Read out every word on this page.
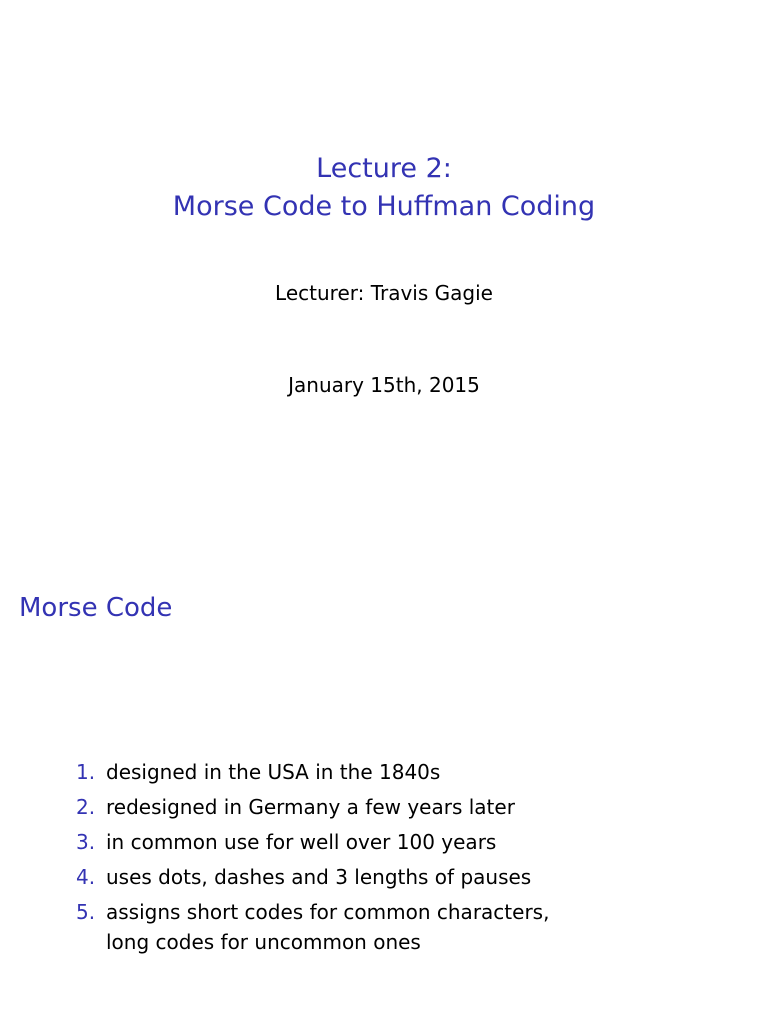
Lecture 2:
Morse Code to Huffman Coding
Lecturer: Travis Gagie
January 15th, 2015
Morse Code
1. designed in the USA in the 1840s
2. redesigned in Germany a few years later
3. in common use for well over 100 years
4. uses dots, dashes and 3 lengths of pauses
5. assigns short codes for common characters,
long codes for uncommon ones
